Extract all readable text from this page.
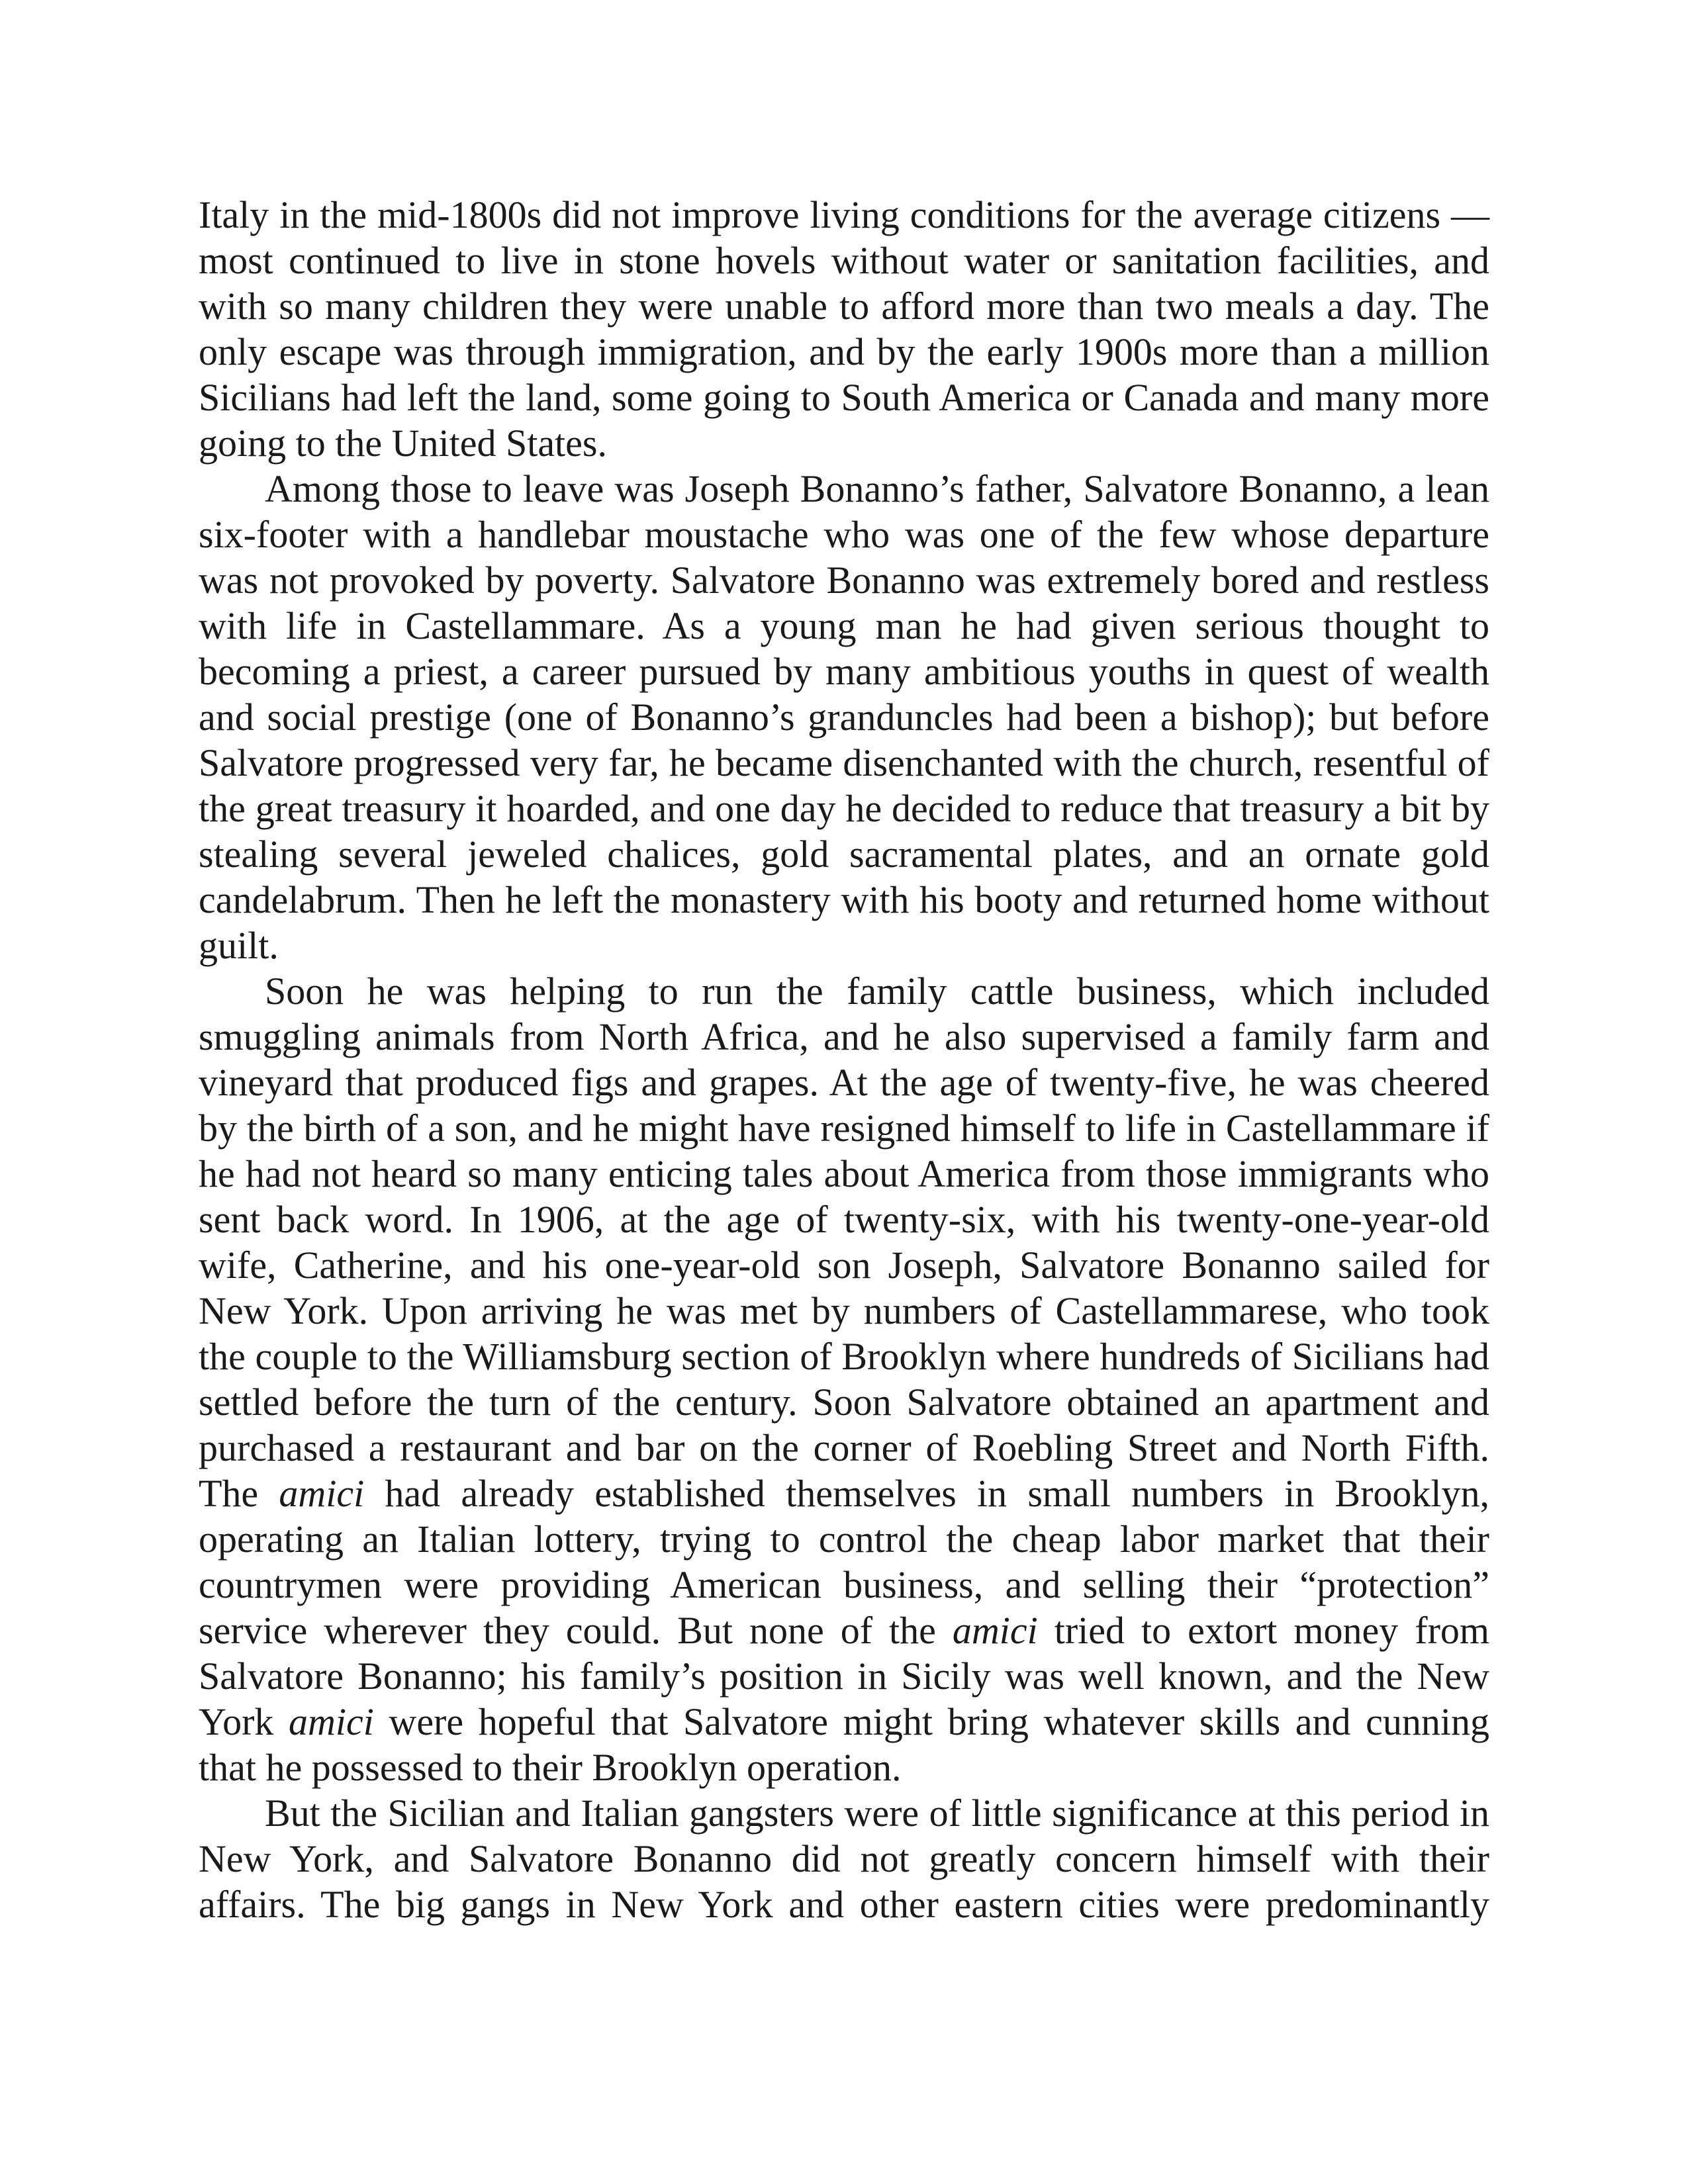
Italy in the mid-1800s did not improve living conditions for the average citizens —most continued to live in stone hovels without water or sanitation facilities, and with so many children they were unable to afford more than two meals a day. The only escape was through immigration, and by the early 1900s more than a million Sicilians had left the land, some going to South America or Canada and many more going to the United States.

Among those to leave was Joseph Bonanno’s father, Salvatore Bonanno, a lean six-footer with a handlebar moustache who was one of the few whose departure was not provoked by poverty. Salvatore Bonanno was extremely bored and restless with life in Castellammare. As a young man he had given serious thought to becoming a priest, a career pursued by many ambitious youths in quest of wealth and social prestige (one of Bonanno’s granduncles had been a bishop); but before Salvatore progressed very far, he became disenchanted with the church, resentful of the great treasury it hoarded, and one day he decided to reduce that treasury a bit by stealing several jeweled chalices, gold sacramental plates, and an ornate gold candelabrum. Then he left the monastery with his booty and returned home without guilt.

Soon he was helping to run the family cattle business, which included smuggling animals from North Africa, and he also supervised a family farm and vineyard that produced figs and grapes. At the age of twenty-five, he was cheered by the birth of a son, and he might have resigned himself to life in Castellammare if he had not heard so many enticing tales about America from those immigrants who sent back word. In 1906, at the age of twenty-six, with his twenty-one-year-old wife, Catherine, and his one-year-old son Joseph, Salvatore Bonanno sailed for New York. Upon arriving he was met by numbers of Castellammarese, who took the couple to the Williamsburg section of Brooklyn where hundreds of Sicilians had settled before the turn of the century. Soon Salvatore obtained an apartment and purchased a restaurant and bar on the corner of Roebling Street and North Fifth. The amici had already established themselves in small numbers in Brooklyn, operating an Italian lottery, trying to control the cheap labor market that their countrymen were providing American business, and selling their “protection” service wherever they could. But none of the amici tried to extort money from Salvatore Bonanno; his family’s position in Sicily was well known, and the New York amici were hopeful that Salvatore might bring whatever skills and cunning that he possessed to their Brooklyn operation.

But the Sicilian and Italian gangsters were of little significance at this period in New York, and Salvatore Bonanno did not greatly concern himself with their affairs. The big gangs in New York and other eastern cities were predominantly
